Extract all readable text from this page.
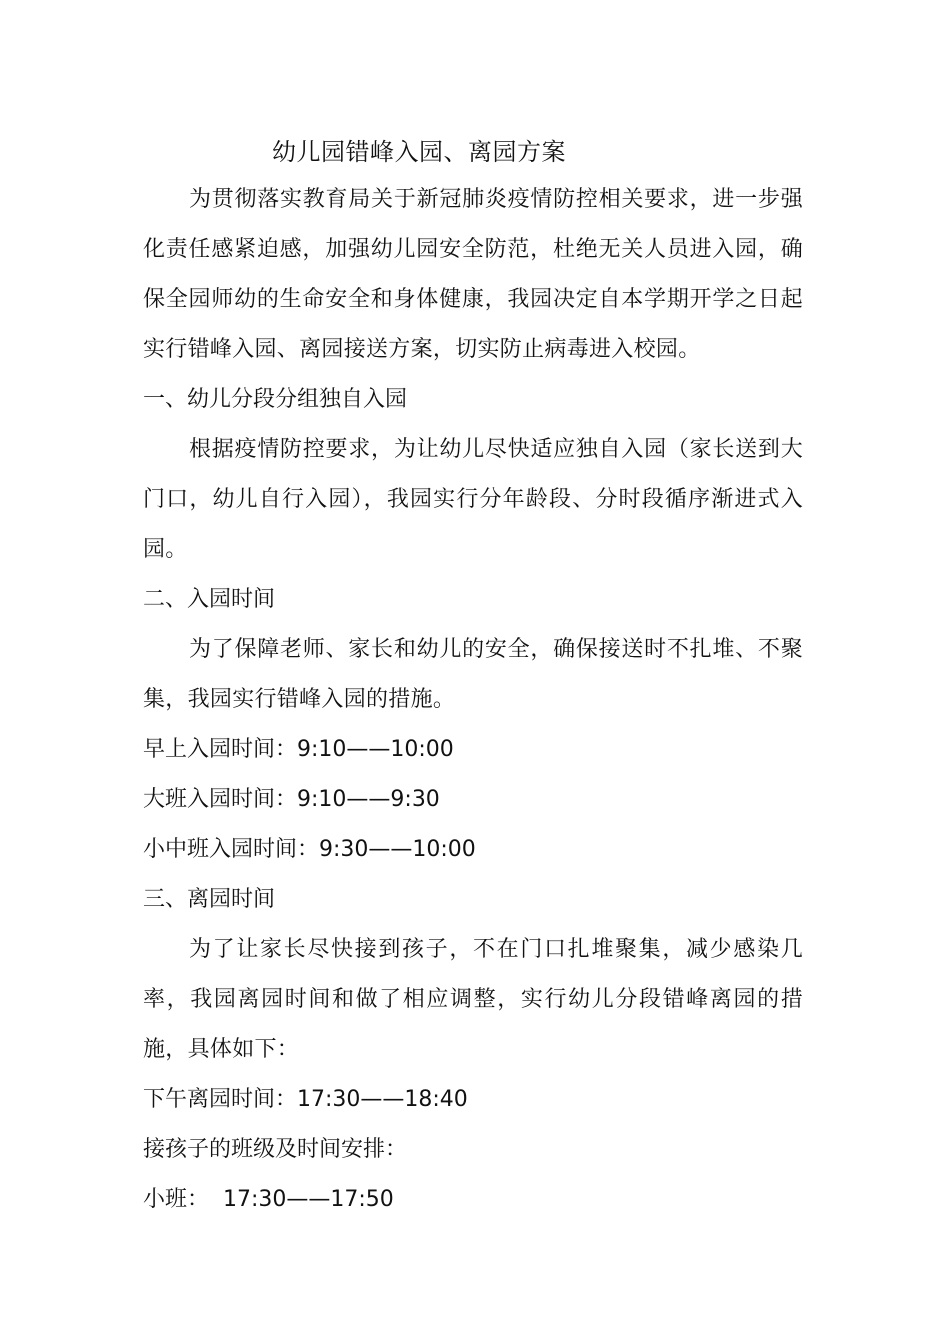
幼儿园错峰入园、离园方案

为贯彻落实教育局关于新冠肺炎疫情防控相关要求，进一步强化责任感紧迫感，加强幼儿园安全防范，杜绝无关人员进入园，确保全园师幼的生命安全和身体健康，我园决定自本学期开学之日起实行错峰入园、离园接送方案，切实防止病毒进入校园。

一、幼儿分段分组独自入园

根据疫情防控要求，为让幼儿尽快适应独自入园（家长送到大门口，幼儿自行入园），我园实行分年龄段、分时段循序渐进式入园。

二、入园时间

为了保障老师、家长和幼儿的安全，确保接送时不扎堆、不聚集，我园实行错峰入园的措施。

早上入园时间：9:10——10:00

大班入园时间：9:10——9:30

小中班入园时间：9:30——10:00

三、离园时间

为了让家长尽快接到孩子，不在门口扎堆聚集，减少感染几率，我园离园时间和做了相应调整，实行幼儿分段错峰离园的措施，具体如下：

下午离园时间：17:30——18:40

接孩子的班级及时间安排：

小班：  17:30——17:50
